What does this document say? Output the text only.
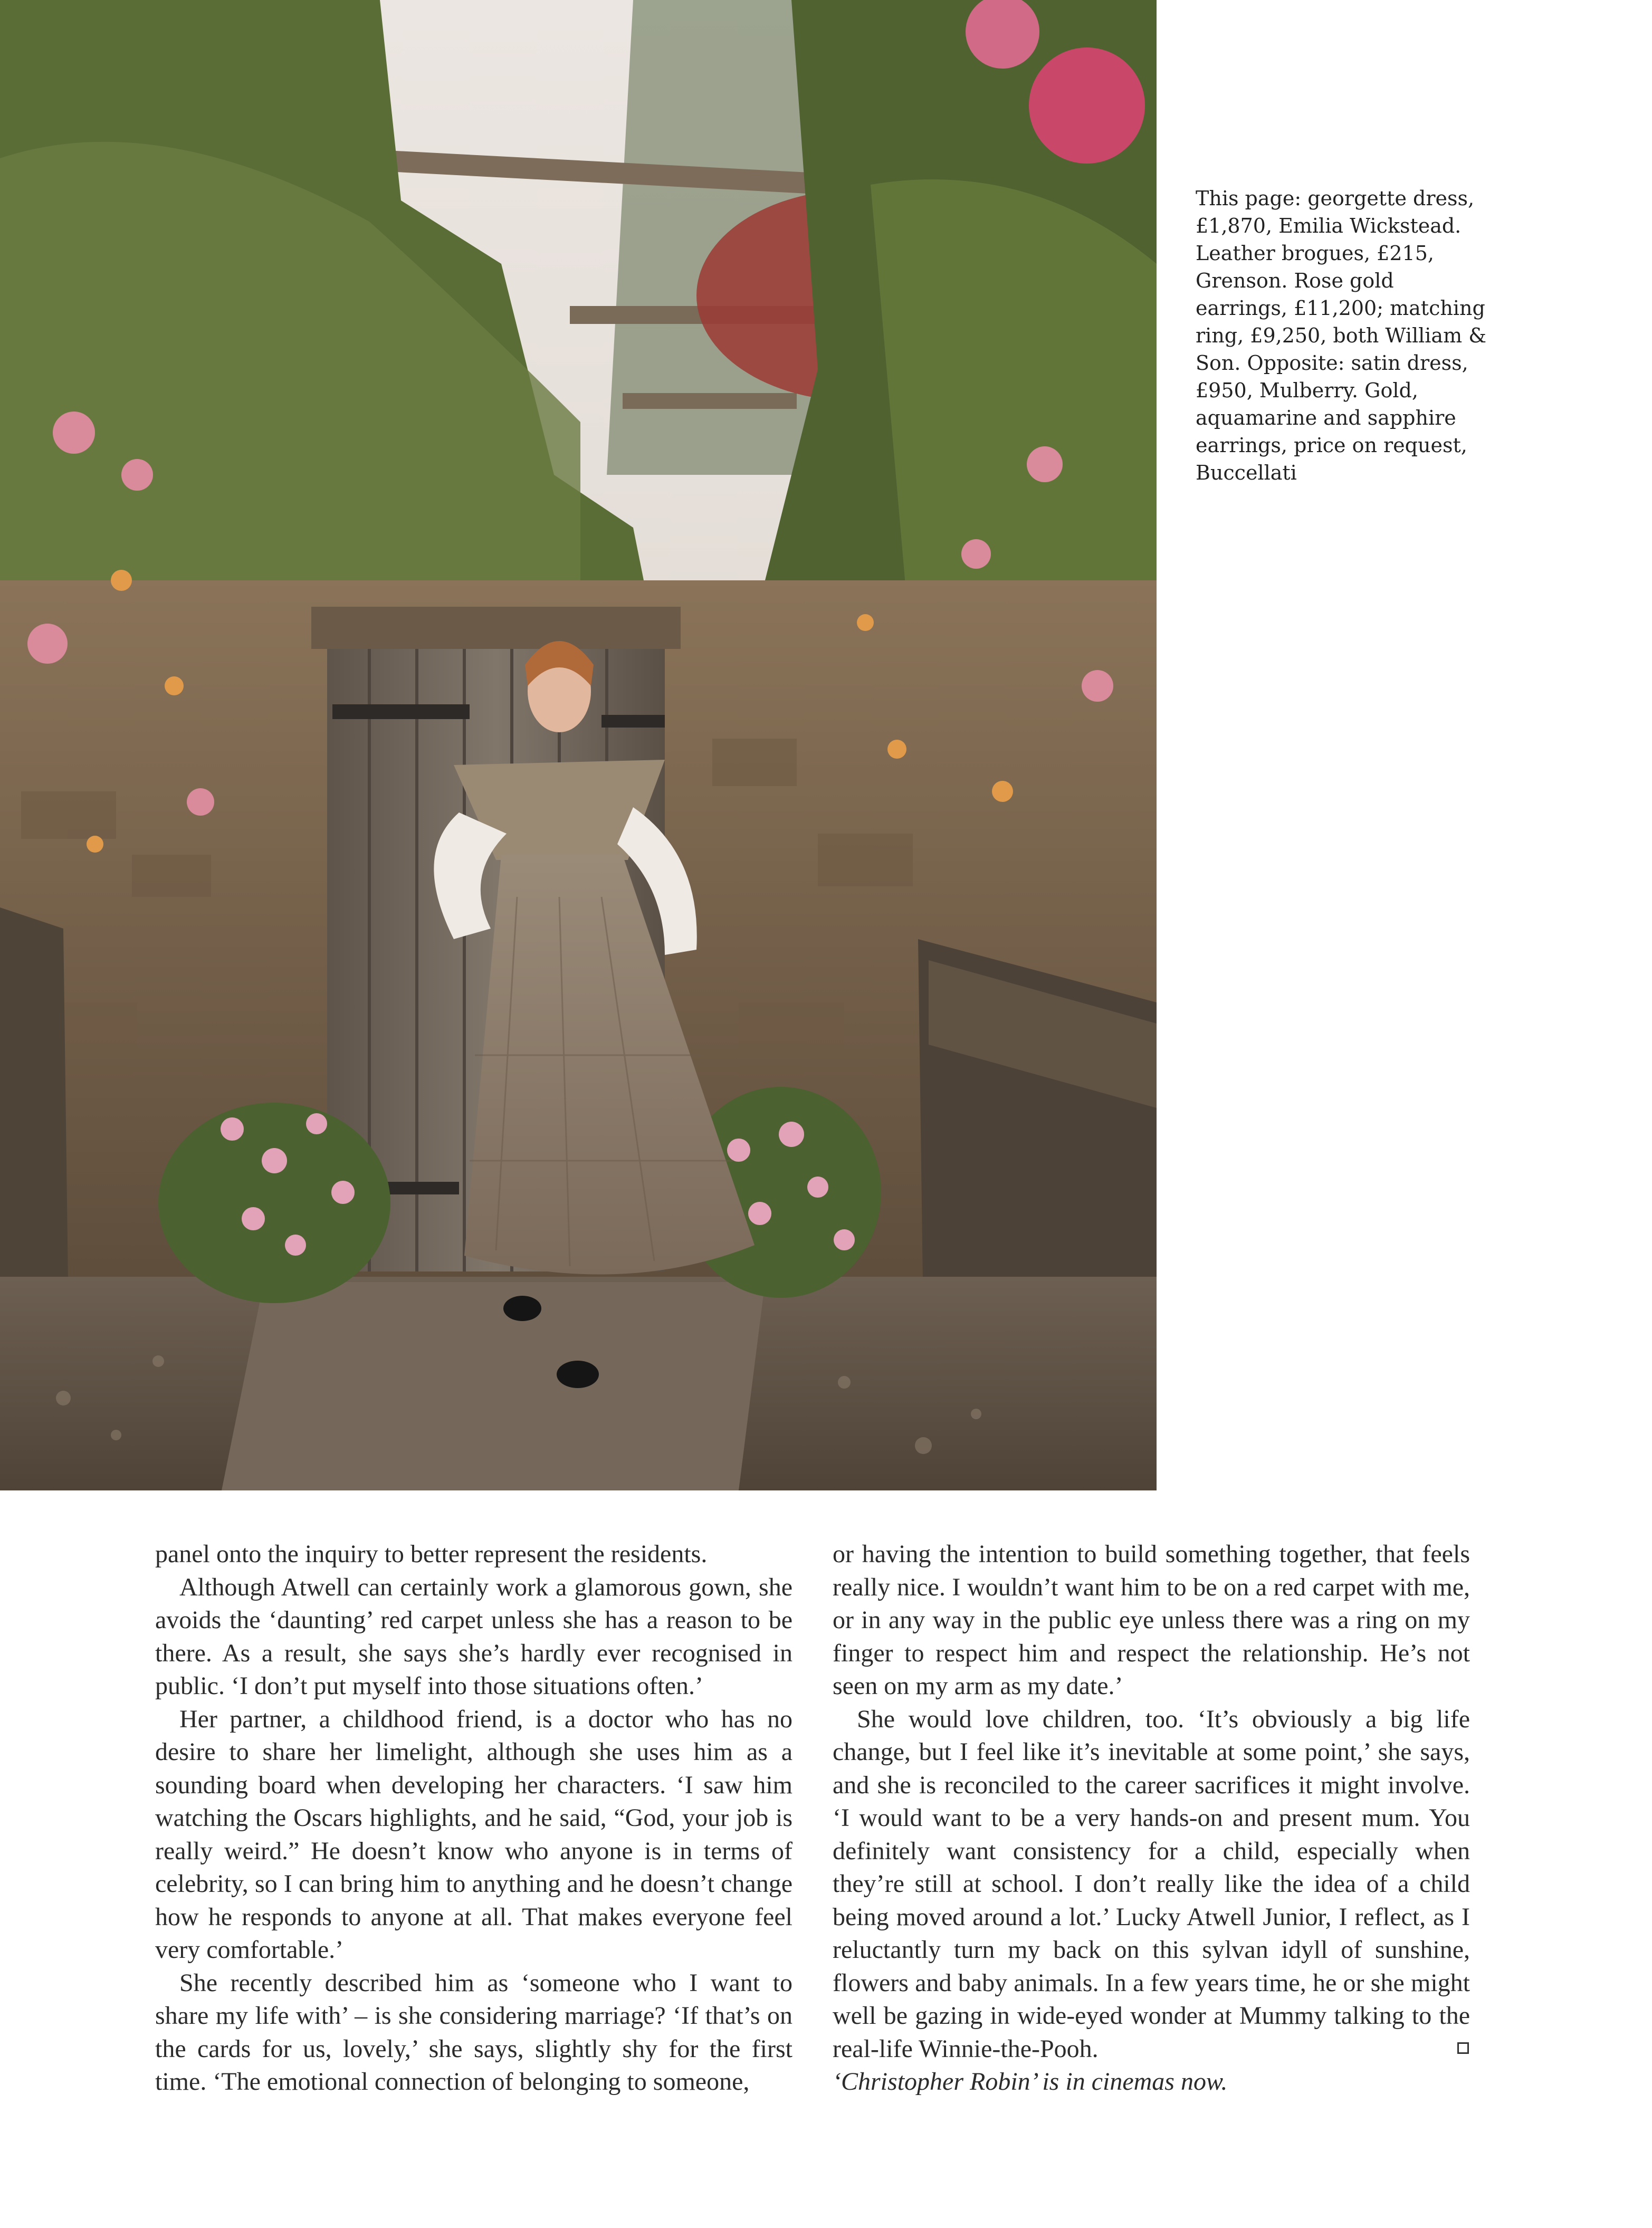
This page: georgette dress, £1,870, Emilia Wickstead. Leather brogues, £215, Grenson. Rose gold earrings, £11,200; matching ring, £9,250, both William & Son. Opposite: satin dress, £950, Mulberry. Gold, aquamarine and sapphire earrings, price on request, Buccellati

panel onto the inquiry to better represent the residents.

Although Atwell can certainly work a glamorous gown, she avoids the ‘daunting’ red carpet unless she has a reason to be there. As a result, she says she’s hardly ever recognised in public. ‘I don’t put myself into those situations often.’

Her partner, a childhood friend, is a doctor who has no desire to share her limelight, although she uses him as a sounding board when developing her characters. ‘I saw him watching the Oscars highlights, and he said, “God, your job is really weird.” He doesn’t know who anyone is in terms of celebrity, so I can bring him to anything and he doesn’t change how he responds to anyone at all. That makes everyone feel very comfortable.’

She recently described him as ‘someone who I want to share my life with’ – is she considering marriage? ‘If that’s on the cards for us, lovely,’ she says, slightly shy for the first time. ‘The emotional connection of belonging to someone,

or having the intention to build something together, that feels really nice. I wouldn’t want him to be on a red carpet with me, or in any way in the public eye unless there was a ring on my finger to respect him and respect the relationship. He’s not seen on my arm as my date.’

She would love children, too. ‘It’s obviously a big life change, but I feel like it’s inevitable at some point,’ she says, and she is reconciled to the career sacrifices it might involve. ‘I would want to be a very hands-on and present mum. You definitely want consistency for a child, especially when they’re still at school. I don’t really like the idea of a child being moved around a lot.’ Lucky Atwell Junior, I reflect, as I reluctantly turn my back on this sylvan idyll of sunshine, flowers and baby animals. In a few years time, he or she might well be gazing in wide-eyed wonder at Mummy talking to the real-life Winnie-the-Pooh.

‘Christopher Robin’ is in cinemas now.
